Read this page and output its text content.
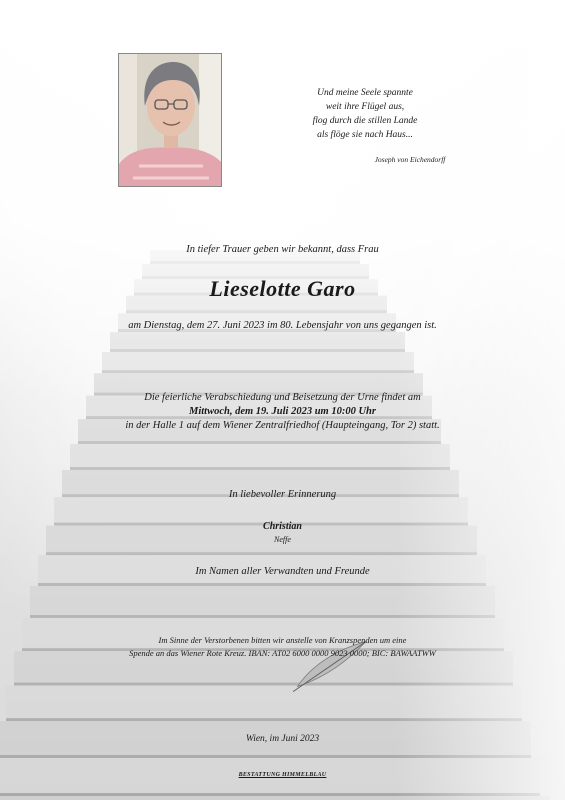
Und meine Seele spannte
weit ihre Flügel aus,
flog durch die stillen Lande
als flöge sie nach Haus...
Joseph von Eichendorff
In tiefer Trauer geben wir bekannt, dass Frau
Lieselotte Garo
am Dienstag, dem 27. Juni 2023 im 80. Lebensjahr von uns gegangen ist.
Die feierliche Verabschiedung und Beisetzung der Urne findet am
Mittwoch, dem 19. Juli 2023 um 10:00 Uhr
in der Halle 1 auf dem Wiener Zentralfriedhof (Haupteingang, Tor 2) statt.
In liebevoller Erinnerung
Christian
Neffe
Im Namen aller Verwandten und Freunde
Im Sinne der Verstorbenen bitten wir anstelle von Kranzspenden um eine
Spende an das Wiener Rote Kreuz. IBAN: AT02 6000 0000 9023 0000; BIC: BAWAATWW
Wien, im Juni 2023
BESTATTUNG HIMMELBLAU
